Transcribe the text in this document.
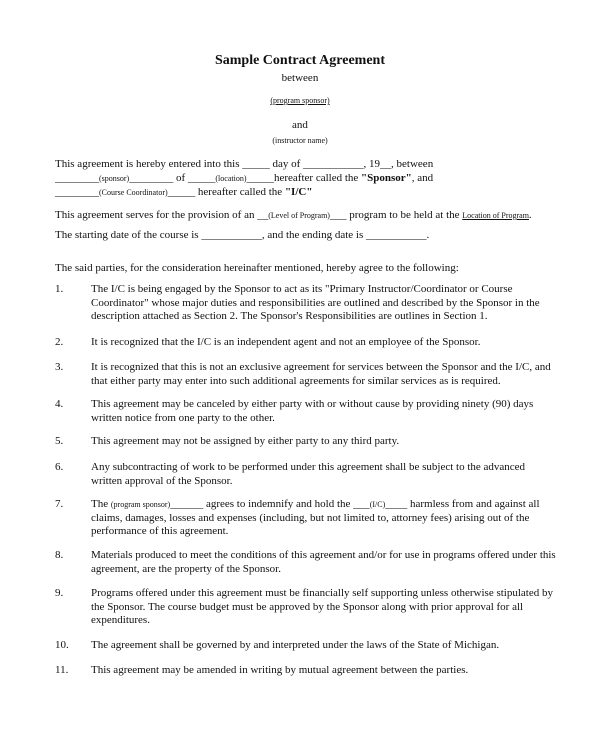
Sample Contract Agreement
between
(program sponsor)
and
(instructor name)
This agreement is hereby entered into this _____ day of ___________, 19__, between
________(sponsor)________ of _____(location)_____hereafter called the "Sponsor", and
________(Course Coordinator)_____ hereafter called the "I/C"
This agreement serves for the provision of an __(Level of Program)___ program to be held at the Location of Program.
The starting date of the course is ___________, and the ending date is ___________.
The said parties, for the consideration hereinafter mentioned, hereby agree to the following:
1.	The I/C is being engaged by the Sponsor to act as its "Primary Instructor/Coordinator or Course Coordinator" whose major duties and responsibilities are outlined and described by the Sponsor in the description attached as Section 2. The Sponsor's Responsibilities are outlines in Section 1.
2.	It is recognized that the I/C is an independent agent and not an employee of the Sponsor.
3.	It is recognized that this is not an exclusive agreement for services between the Sponsor and the I/C, and that either party may enter into such additional agreements for similar services as is required.
4.	This agreement may be canceled by either party with or without cause by providing ninety (90) days written notice from one party to the other.
5.	This agreement may not be assigned by either party to any third party.
6.	Any subcontracting of work to be performed under this agreement shall be subject to the advanced written approval of the Sponsor.
7.	The (program sponsor)______ agrees to indemnify and hold the ___(I/C)____ harmless from and against all claims, damages, losses and expenses (including, but not limited to, attorney fees) arising out of the performance of this agreement.
8.	Materials produced to meet the conditions of this agreement and/or for use in programs offered under this agreement, are the property of the Sponsor.
9.	Programs offered under this agreement must be financially self supporting unless otherwise stipulated by the Sponsor. The course budget must be approved by the Sponsor along with prior approval for all expenditures.
10. The agreement shall be governed by and interpreted under the laws of the State of Michigan.
11. This agreement may be amended in writing by mutual agreement between the parties.
